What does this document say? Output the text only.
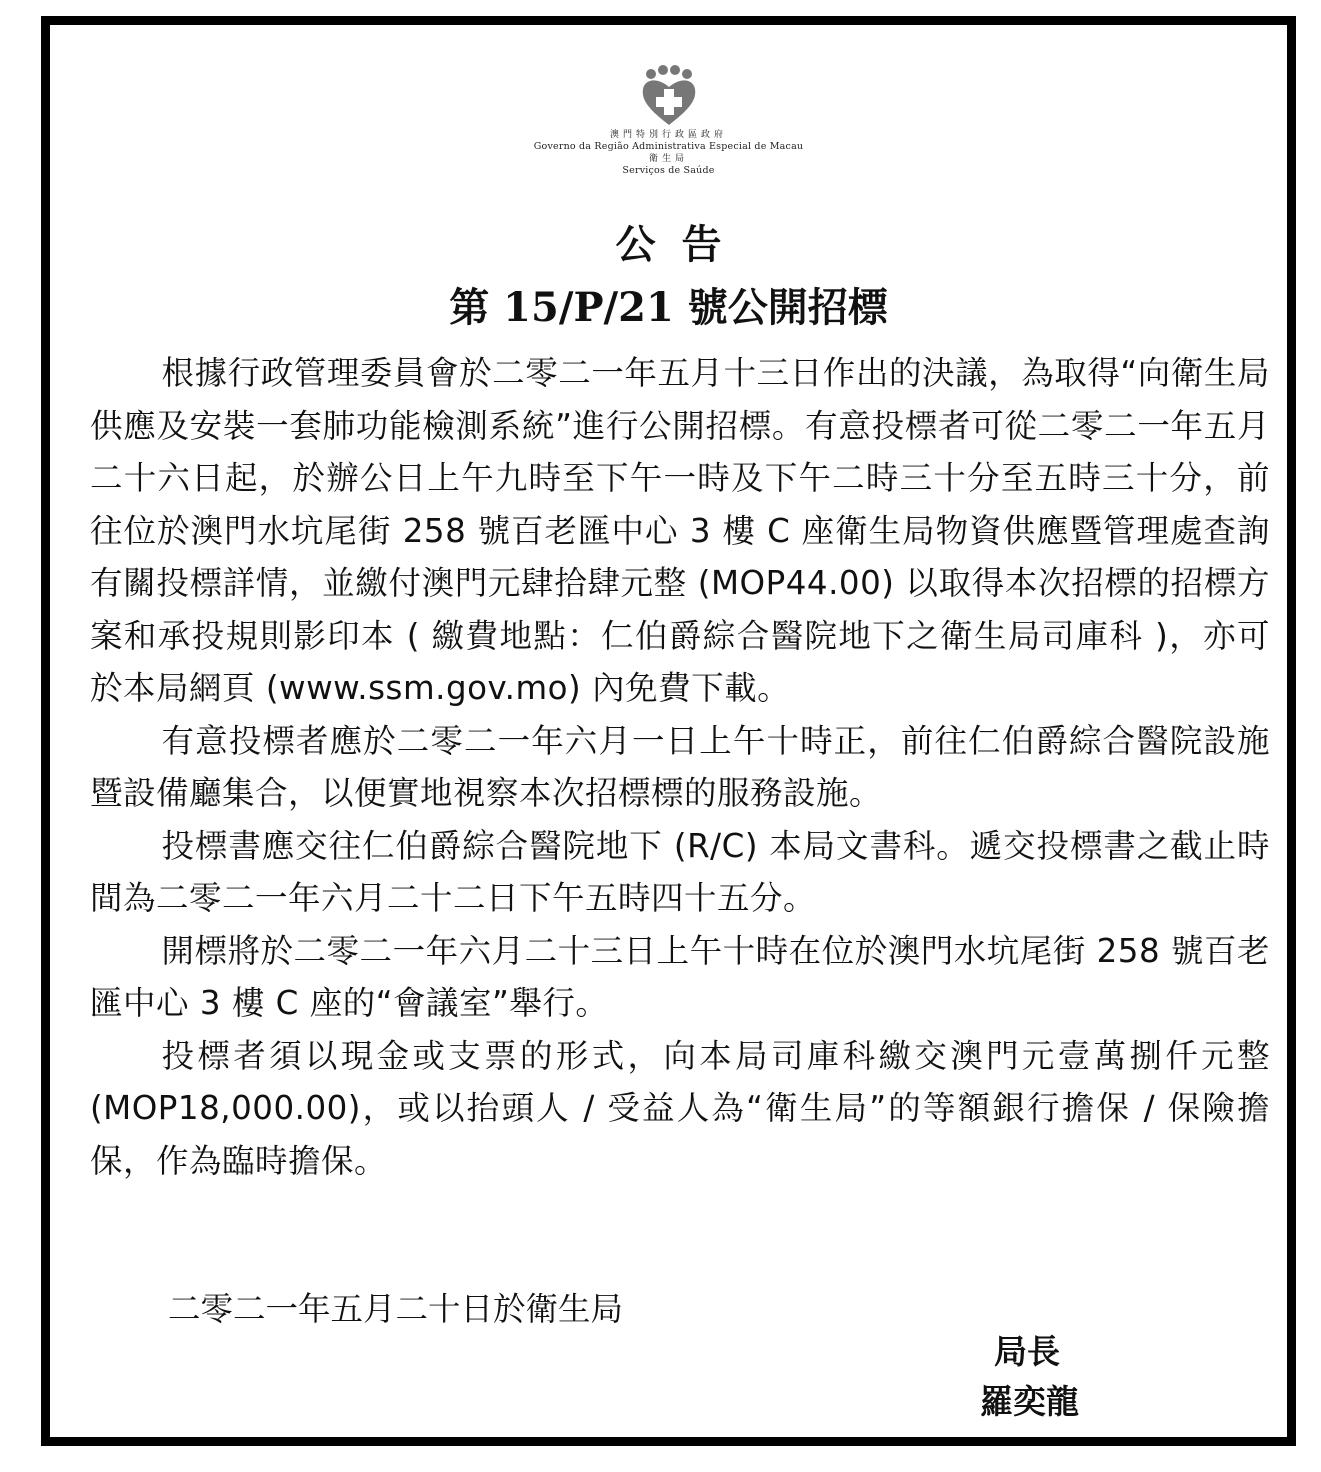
澳門特別行政區政府
Governo da Região Administrativa Especial de Macau
衛生局
Serviços de Saúde
公告
第 15/P/21 號公開招標

根據行政管理委員會於二零二一年五月十三日作出的決議，為取得“向衛生局供應及安裝一套肺功能檢測系統”進行公開招標。有意投標者可從二零二一年五月二十六日起，於辦公日上午九時至下午一時及下午二時三十分至五時三十分，前往位於澳門水坑尾街 258 號百老匯中心 3 樓 C 座衛生局物資供應暨管理處查詢有關投標詳情，並繳付澳門元肆拾肆元整 (MOP44.00) 以取得本次招標的招標方案和承投規則影印本 ( 繳費地點：仁伯爵綜合醫院地下之衛生局司庫科 )，亦可於本局網頁 (www.ssm.gov.mo) 內免費下載。

有意投標者應於二零二一年六月一日上午十時正，前往仁伯爵綜合醫院設施暨設備廳集合，以便實地視察本次招標標的服務設施。

投標書應交往仁伯爵綜合醫院地下 (R/C) 本局文書科。遞交投標書之截止時間為二零二一年六月二十二日下午五時四十五分。

開標將於二零二一年六月二十三日上午十時在位於澳門水坑尾街 258 號百老匯中心 3 樓 C 座的“會議室”舉行。

投標者須以現金或支票的形式，向本局司庫科繳交澳門元壹萬捌仟元整 (MOP18,000.00)，或以抬頭人 / 受益人為“衛生局”的等額銀行擔保 / 保險擔保，作為臨時擔保。

二零二一年五月二十日於衛生局
局長
羅奕龍
